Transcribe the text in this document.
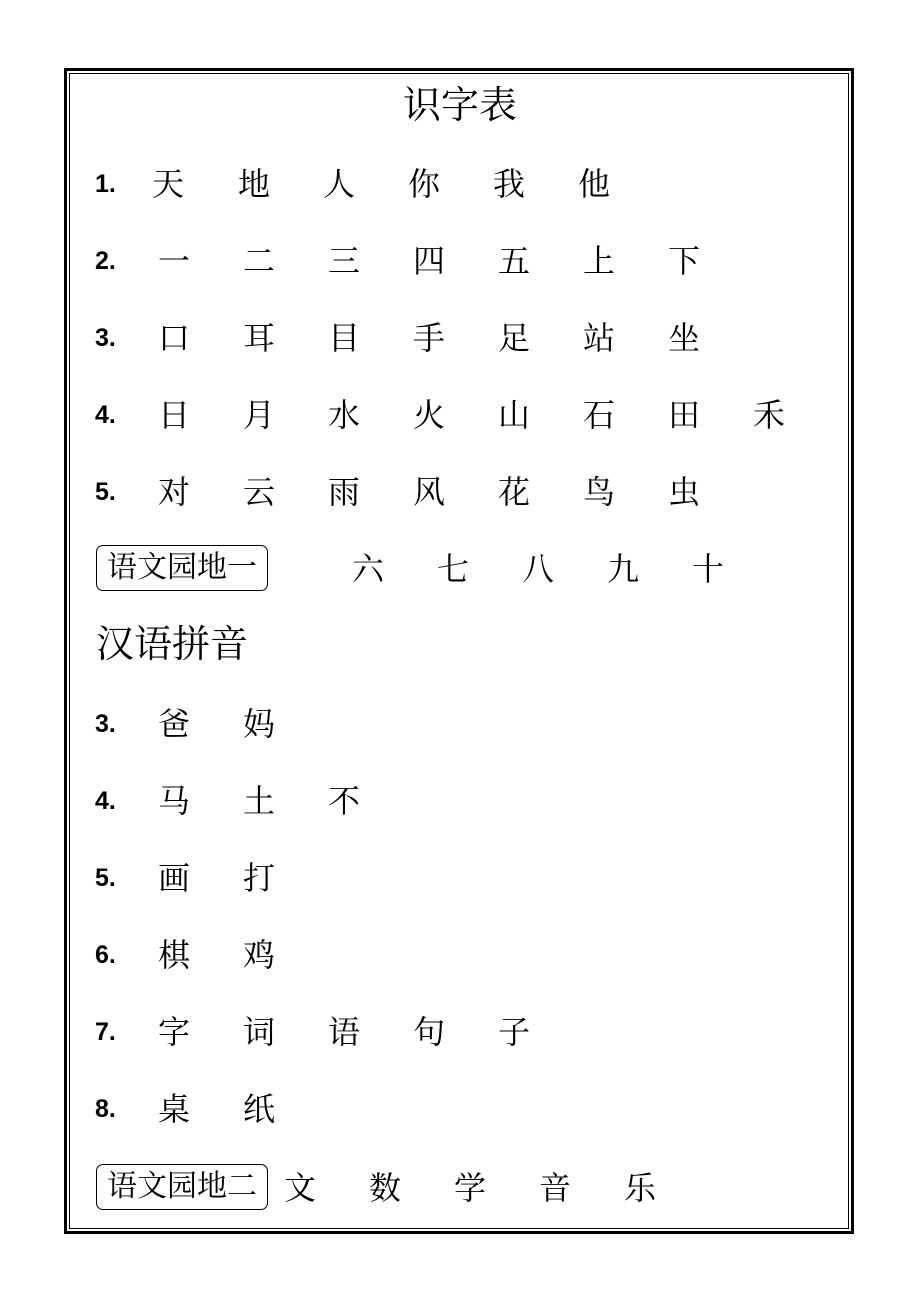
识字表
1. 天 地 人 你 我 他
2. 一 二 三 四 五 上 下
3. 口 耳 目 手 足 站 坐
4. 日 月 水 火 山 石 田 禾
5. 对 云 雨 风 花 鸟 虫
语文园地一	六 七 八 九 十
汉语拼音
3. 爸 妈
4. 马 土 不
5. 画 打
6. 棋 鸡
7. 字 词 语 句 子
8. 桌 纸
语文园地二 文 数 学 音 乐
